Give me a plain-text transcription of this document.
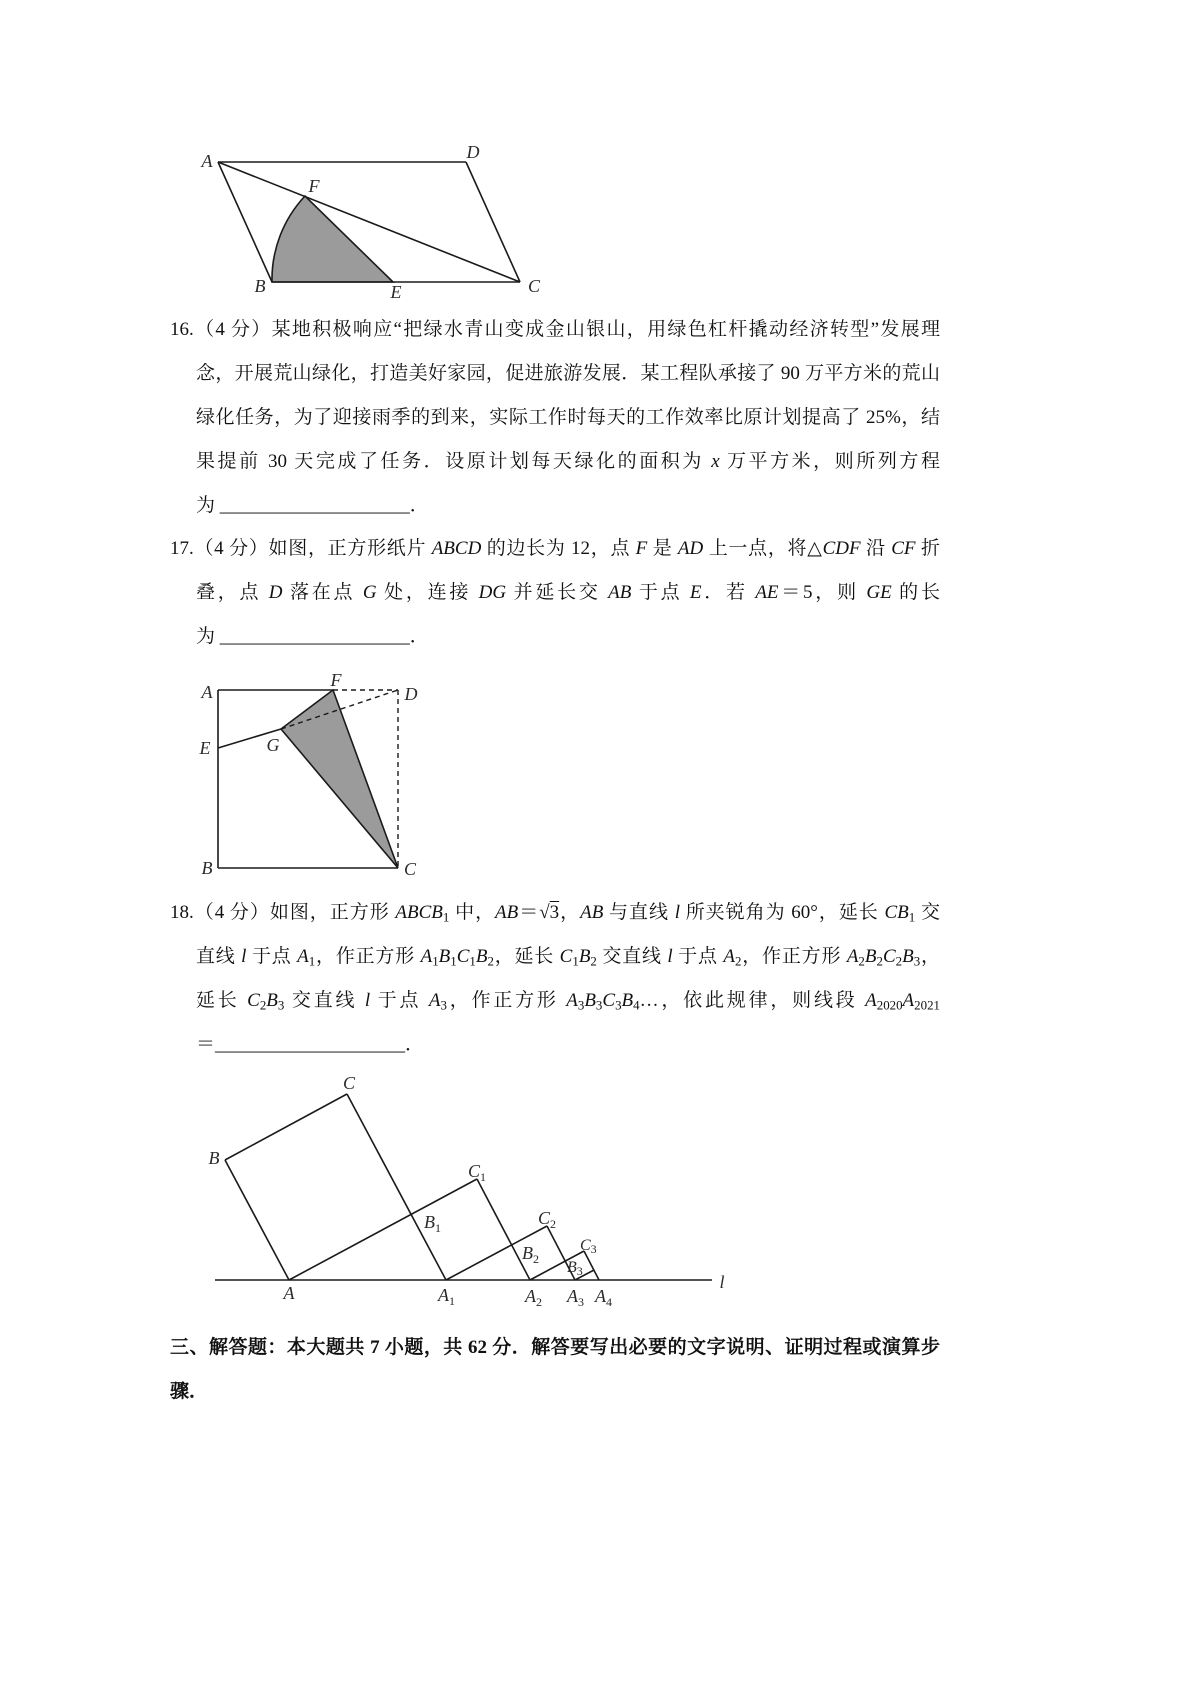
A	D
F
B	E	C
16.（4 分）某地积极响应“把绿水青山变成金山银山，用绿色杠杆撬动经济转型”发展理
念，开展荒山绿化，打造美好家园，促进旅游发展．某工程队承接了 90 万平方米的荒山
绿化任务，为了迎接雨季的到来，实际工作时每天的工作效率比原计划提高了 25%，结
果提前 30 天完成了任务．设原计划每天绿化的面积为 x 万平方米，则所列方程
为 ____________________．
17.（4 分）如图，正方形纸片 ABCD 的边长为 12，点 F 是 AD 上一点，将△CDF 沿 CF 折
叠，点 D 落在点 G 处，连接 DG 并延长交 AB 于点 E．若 AE＝5，则 GE 的长
为 ____________________．
A
F
D
E	G
B	C
18.（4 分）如图，正方形 $ABCB_1$ 中，AB＝√3，AB 与直线 l 所夹锐角为 60°，延长 $CB_1$ 交
直线 l 于点 $A_1$，作正方形 $A_1B_1C_1B_2$，延长 $C_1B_2$ 交直线 l 于点 $A_2$，作正方形 $A_2B_2C_2B_3$，
延长 $C_2B_3$ 交直线 l 于点 $A_3$，作正方形 $A_3B_3C_3B_4\dots$，依此规律，则线段 $A_{2020}A_{2021}$
＝____________________．
A
B
C
$B_1$
$C_1$
$A_1$
$B_2$
$C_2$
$A_2$
B3
C3
$A_3$ $A_4$
l
三、解答题：本大题共 7 小题，共 62 分．解答要写出必要的文字说明、证明过程或演算步
骤．
